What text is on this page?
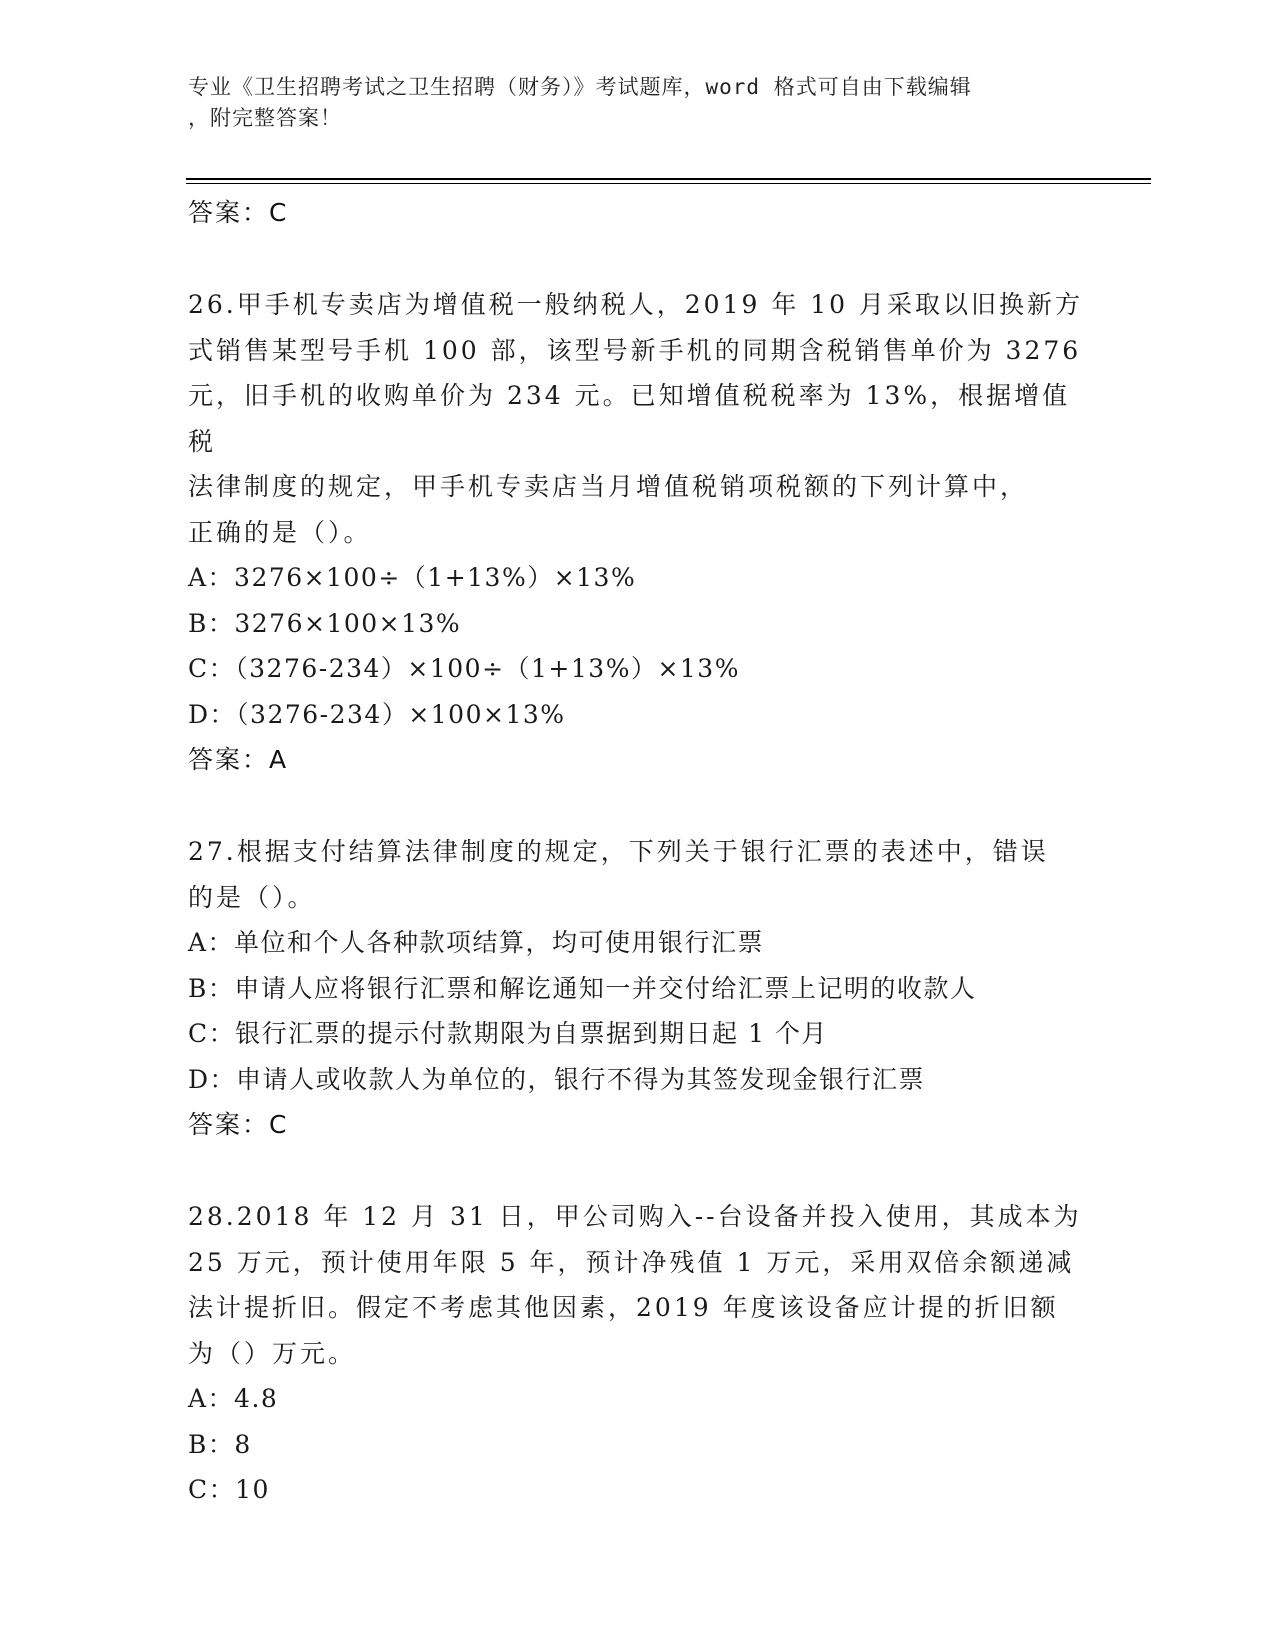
专业《卫生招聘考试之卫生招聘（财务）》考试题库，word 格式可自由下载编辑
，附完整答案！

答案：C

26.甲手机专卖店为增值税一般纳税人，2019 年 10 月采取以旧换新方

式销售某型号手机 100 部，该型号新手机的同期含税销售单价为 3276

元，旧手机的收购单价为 234 元。已知增值税税率为 13%，根据增值税

法律制度的规定，甲手机专卖店当月增值税销项税额的下列计算中，

正确的是（）。

A：3276×100÷（1+13%）×13%

B：3276×100×13%

C：（3276-234）×100÷（1+13%）×13%

D：（3276-234）×100×13%

答案：A

27.根据支付结算法律制度的规定，下列关于银行汇票的表述中，错误

的是（）。

A：单位和个人各种款项结算，均可使用银行汇票

B：申请人应将银行汇票和解讫通知一并交付给汇票上记明的收款人

C：银行汇票的提示付款期限为自票据到期日起 1 个月

D：申请人或收款人为单位的，银行不得为其签发现金银行汇票

答案：C

28.2018 年 12 月 31 日，甲公司购入--台设备并投入使用，其成本为

25 万元，预计使用年限 5 年，预计净残值 1 万元，采用双倍余额递减

法计提折旧。假定不考虑其他因素，2019 年度该设备应计提的折旧额

为（）万元。

A：4.8

B：8

C：10
